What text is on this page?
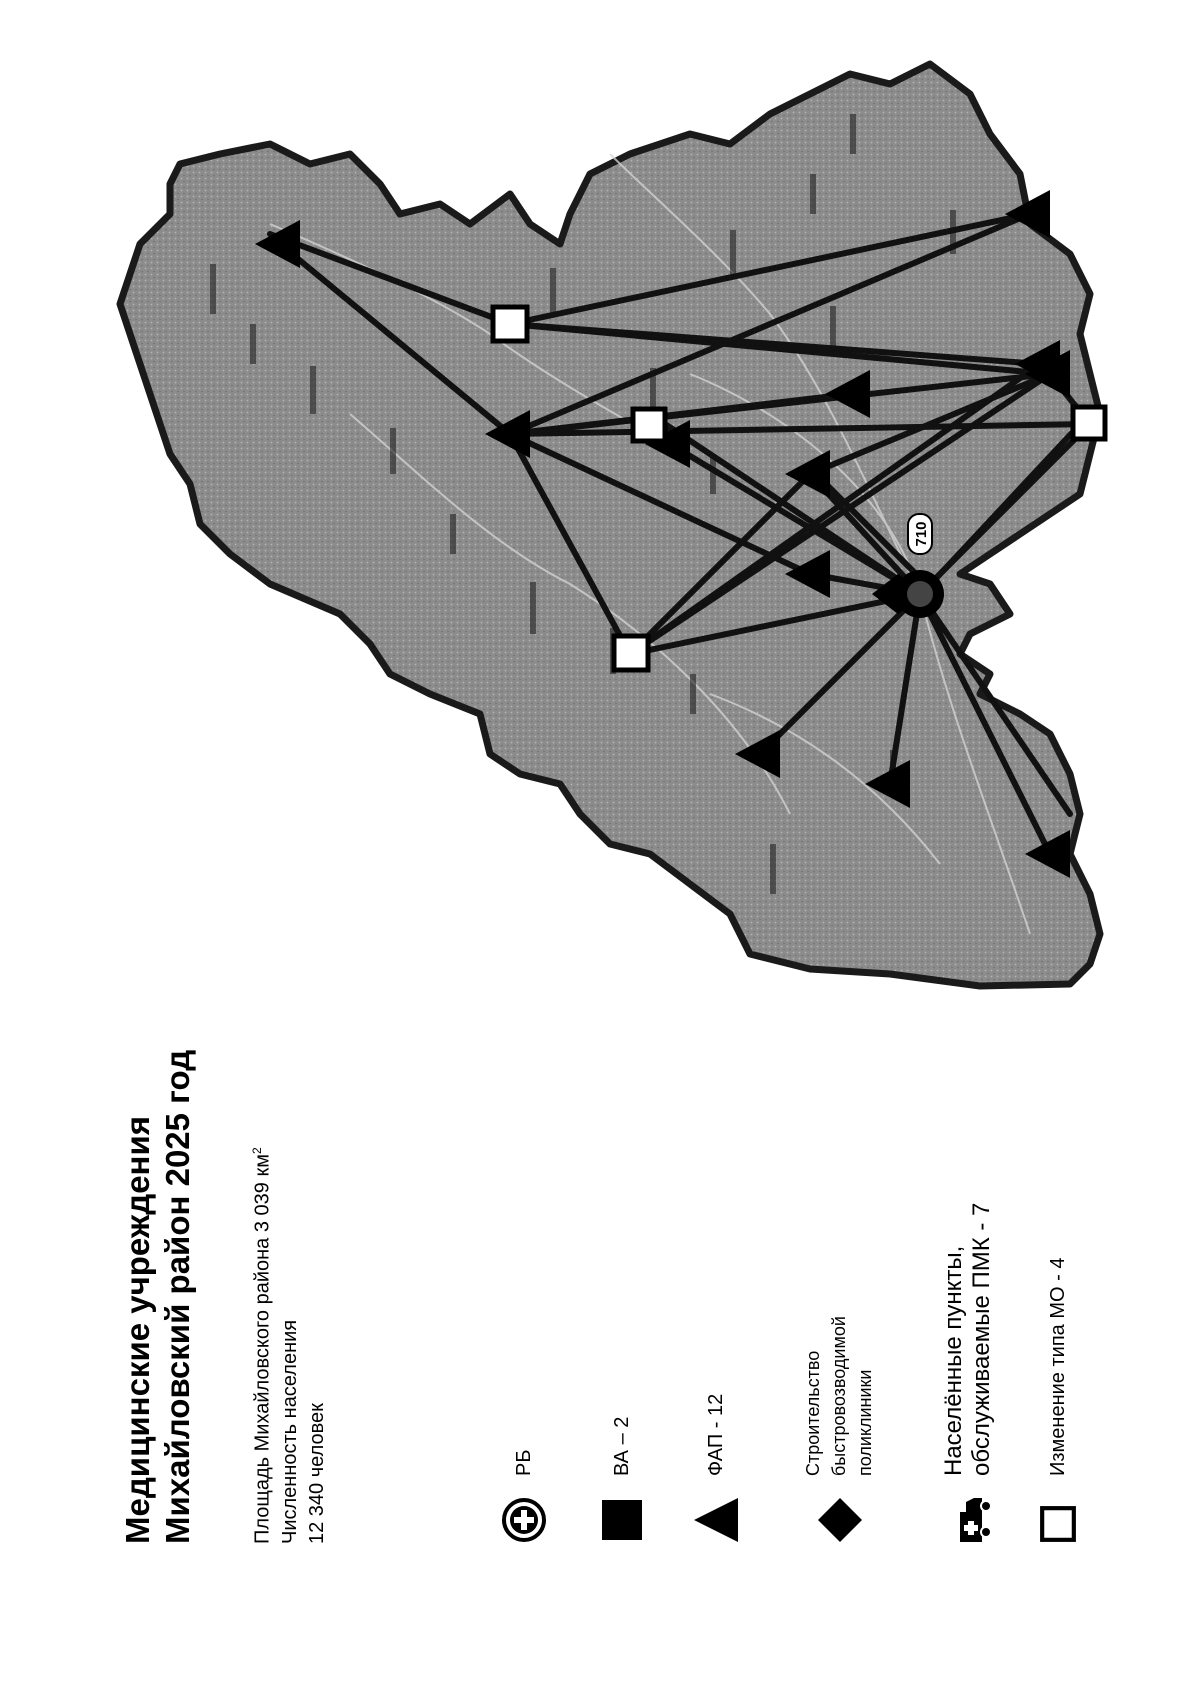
Медицинские учреждения Михайловский район 2025 год	Площадь Михайловского района 3 039 $км^2$
Численность населения 12 340 человек	РБ	ВА – 2	ФАП - 12	Строительство быстровозводимой поликлиники	Населённые пункты, обслуживаемые ПМК - 7	Изменение типа МО - 4
710
